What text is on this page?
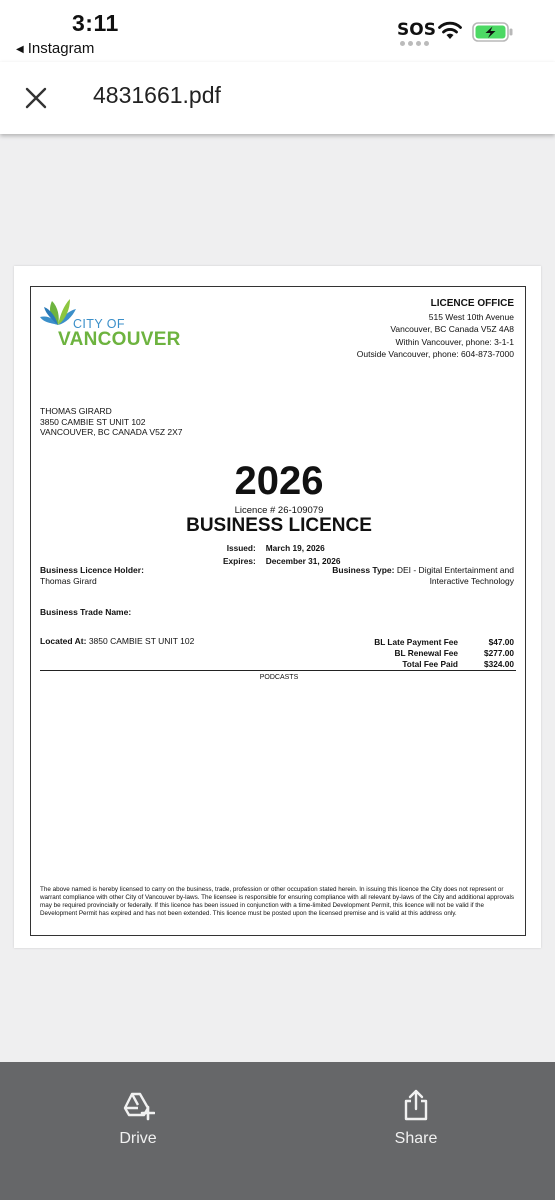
3:11
◀ Instagram
SOS
4831661.pdf
CITY OF
VANCOUVER
LICENCE OFFICE
515 West 10th Avenue
Vancouver, BC Canada V5Z 4A8
Within Vancouver, phone: 3-1-1
Outside Vancouver, phone: 604-873-7000
THOMAS GIRARD
3850 CAMBIE ST UNIT 102
VANCOUVER, BC CANADA V5Z 2X7
2026
Licence # 26-109079
BUSINESS LICENCE
Issued:	March 19, 2026
Expires:	December 31, 2026
Business Licence Holder:
Thomas Girard
Business Type: DEI - Digital Entertainment and
Interactive Technology
Business Trade Name:
Located At: 3850 CAMBIE ST UNIT 102	BL Late Payment Fee	$47.00
BL Renewal Fee	$277.00
Total Fee Paid	$324.00
PODCASTS
The above named is hereby licensed to carry on the business, trade, profession or other occupation stated herein. In issuing this licence the City does not represent or warrant compliance with other City of Vancouver by-laws. The licensee is responsible for ensuring compliance with all relevant by-laws of the City and additional approvals may be required provincially or federally. If this licence has been issued in conjunction with a time-limited Development Permit, this licence will not be valid if the Development Permit has expired and has not been extended. This licence must be posted upon the licensed premise and is valid at this address only.
Drive	Share
